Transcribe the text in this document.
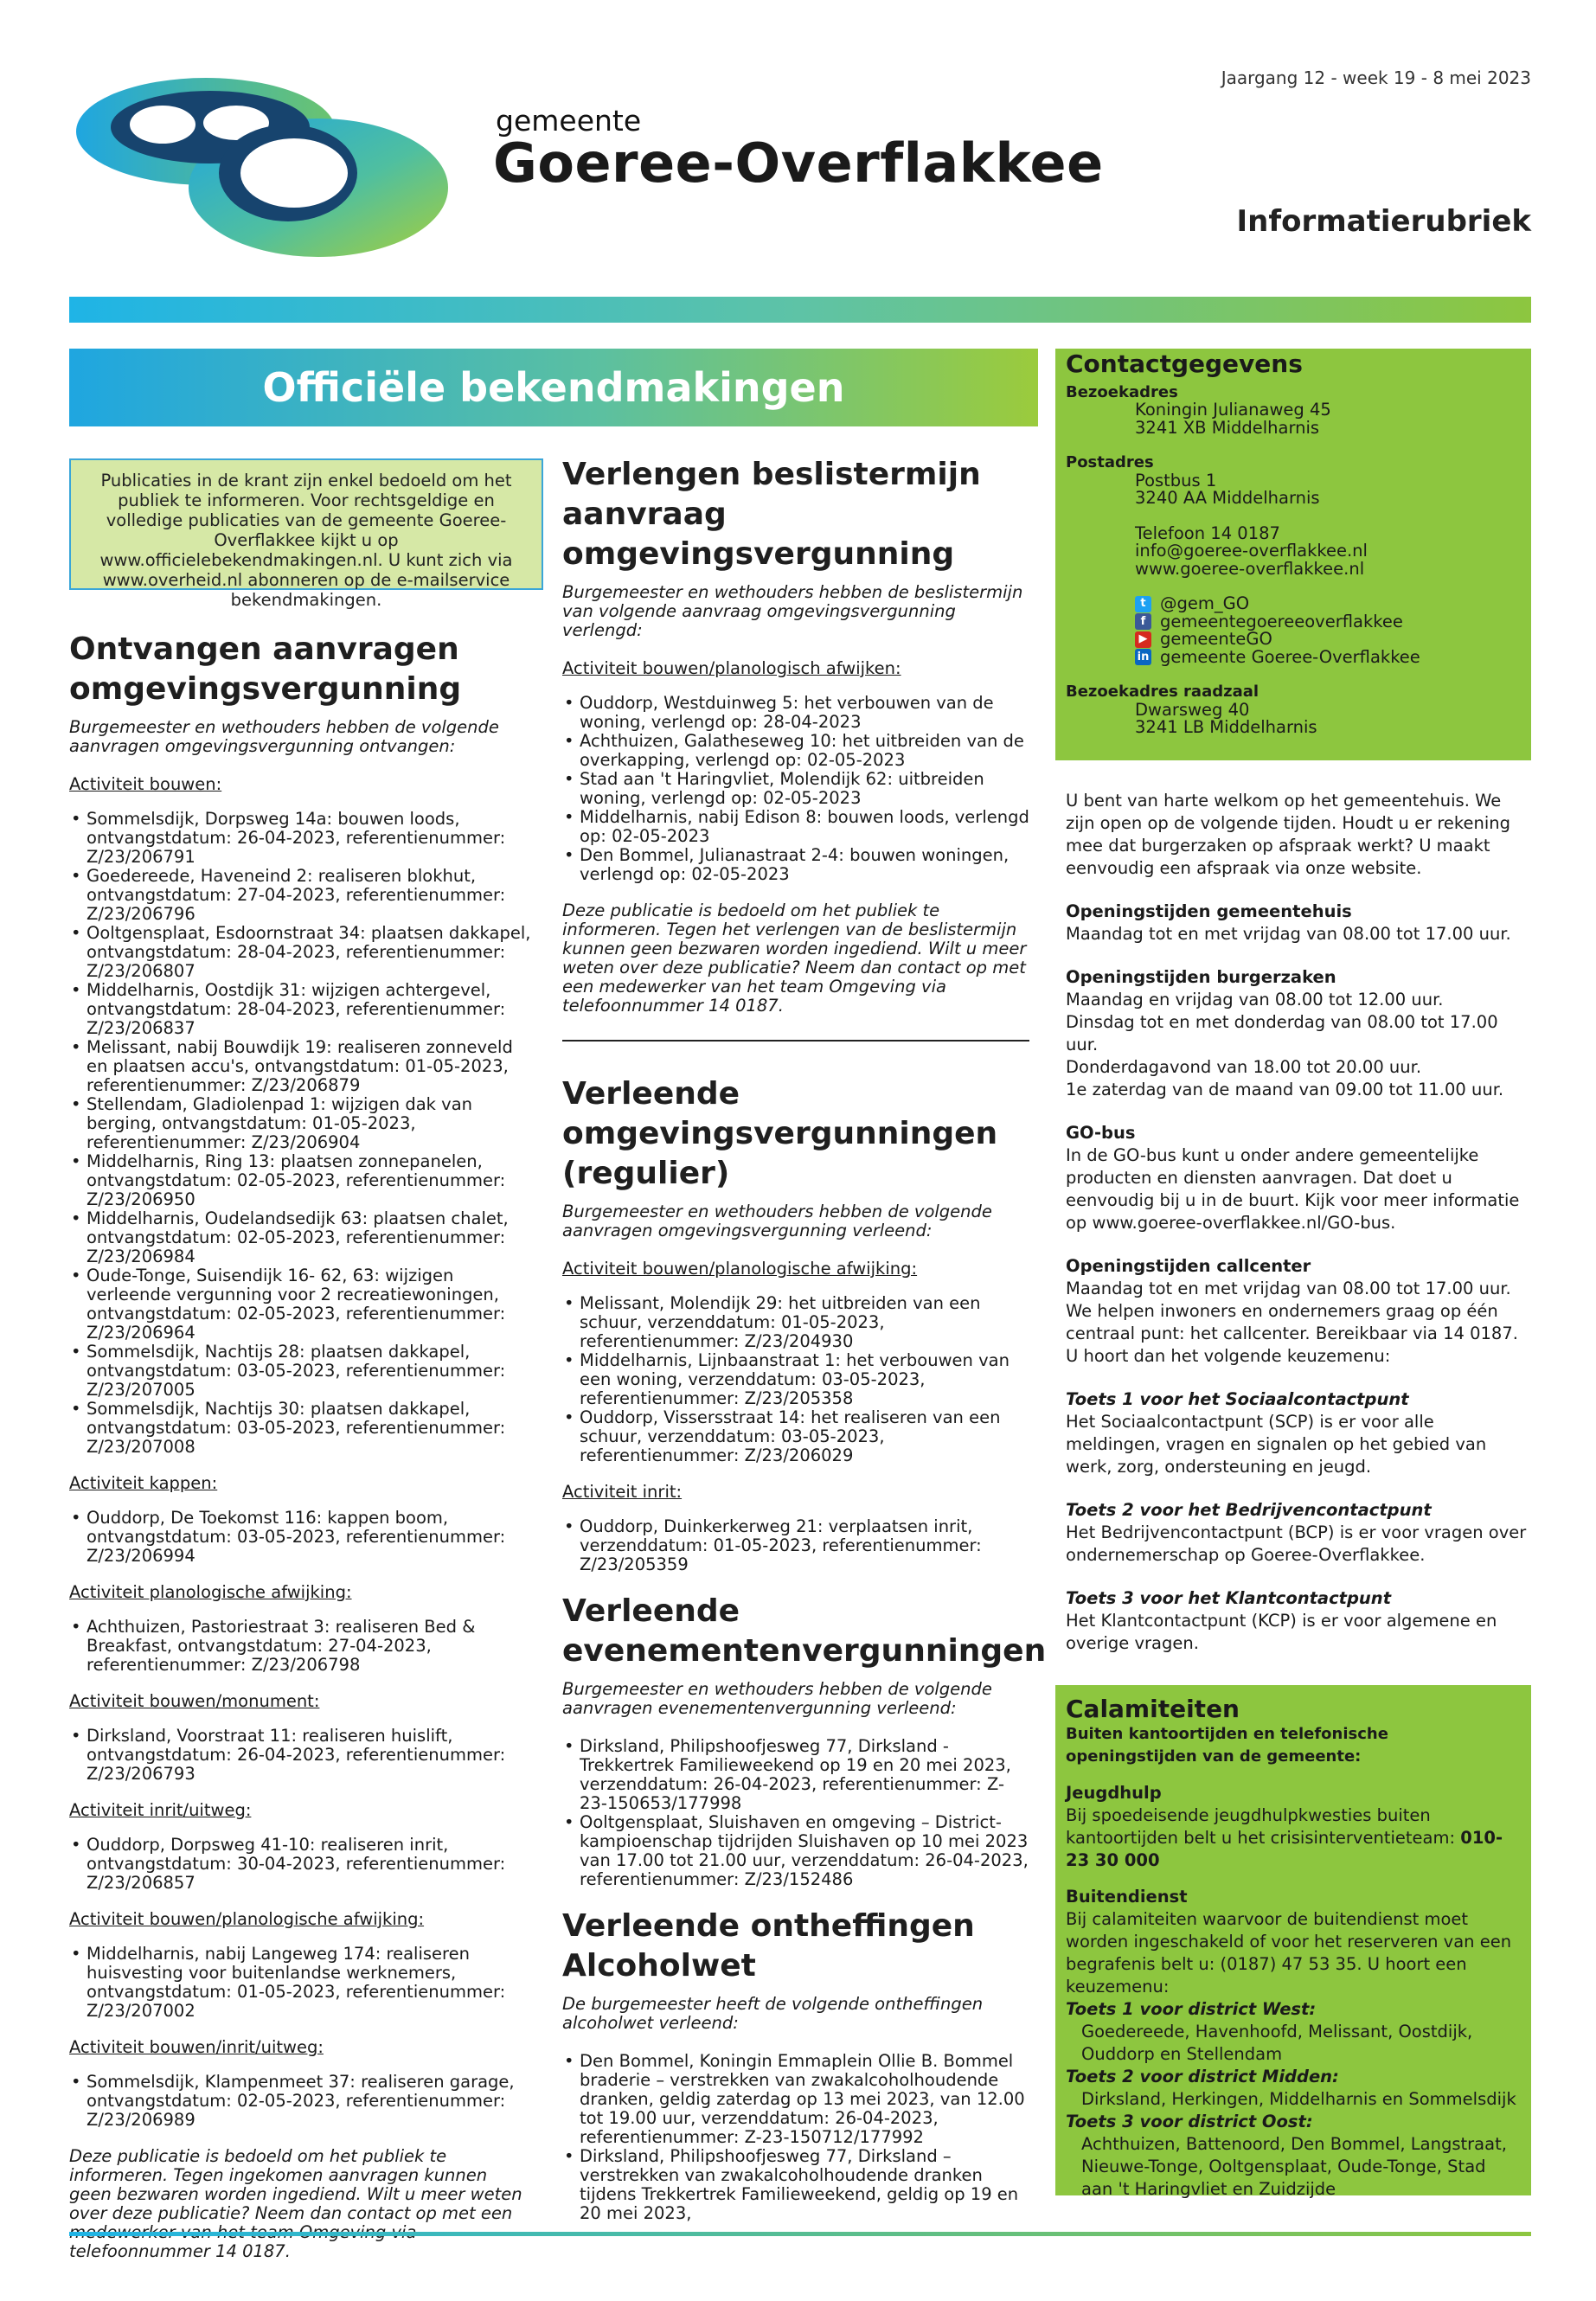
Jaargang 12 - week 19 - 8 mei 2023
gemeente
Goeree-Overflakkee
Informatierubriek
Officiële bekendmakingen
Publicaties in de krant zijn enkel bedoeld om het publiek te informeren. Voor rechtsgeldige en volledige publicaties van de gemeente Goeree-Overflakkee kijkt u op www.officielebekendmakingen.nl. U kunt zich via www.overheid.nl abonneren op de e-mailservice bekendmakingen.
Ontvangen aanvragen omgevingsvergunning

Burgemeester en wethouders hebben de volgende aanvragen omgevingsvergunning ontvangen:

Activiteit bouwen:

• Sommelsdijk, Dorpsweg 14a: bouwen loods, ontvangstdatum: 26-04-2023, referentienummer: Z/23/206791
• Goedereede, Haveneind 2: realiseren blokhut, ontvangstdatum: 27-04-2023, referentienummer: Z/23/206796
• Ooltgensplaat, Esdoornstraat 34: plaatsen dakkapel, ontvangstdatum: 28-04-2023, referentienummer: Z/23/206807
• Middelharnis, Oostdijk 31: wijzigen achtergevel, ontvangstdatum: 28-04-2023, referentienummer: Z/23/206837
• Melissant, nabij Bouwdijk 19: realiseren zonneveld en plaatsen accu's, ontvangstdatum: 01-05-2023, referentienummer: Z/23/206879
• Stellendam, Gladiolenpad 1: wijzigen dak van berging, ontvangstdatum: 01-05-2023, referentienummer: Z/23/206904
• Middelharnis, Ring 13: plaatsen zonnepanelen, ontvangstdatum: 02-05-2023, referentienummer: Z/23/206950
• Middelharnis, Oudelandsedijk 63: plaatsen chalet, ontvangstdatum: 02-05-2023, referentienummer: Z/23/206984
• Oude-Tonge, Suisendijk 16- 62, 63: wijzigen verleende vergunning voor 2 recreatiewoningen, ontvangstdatum: 02-05-2023, referentienummer: Z/23/206964
• Sommelsdijk, Nachtijs 28: plaatsen dakkapel, ontvangstdatum: 03-05-2023, referentienummer: Z/23/207005
• Sommelsdijk, Nachtijs 30: plaatsen dakkapel, ontvangstdatum: 03-05-2023, referentienummer: Z/23/207008

Activiteit kappen:

• Ouddorp, De Toekomst 116: kappen boom, ontvangstdatum: 03-05-2023, referentienummer: Z/23/206994

Activiteit planologische afwijking:

• Achthuizen, Pastoriestraat 3: realiseren Bed & Breakfast, ontvangstdatum: 27-04-2023, referentienummer: Z/23/206798

Activiteit bouwen/monument:

• Dirksland, Voorstraat 11: realiseren huislift, ontvangstdatum: 26-04-2023, referentienummer: Z/23/206793

Activiteit inrit/uitweg:

• Ouddorp, Dorpsweg 41-10: realiseren inrit, ontvangstdatum: 30-04-2023, referentienummer: Z/23/206857

Activiteit bouwen/planologische afwijking:

• Middelharnis, nabij Langeweg 174: realiseren huisvesting voor buitenlandse werknemers, ontvangstdatum: 01-05-2023, referentienummer: Z/23/207002

Activiteit bouwen/inrit/uitweg:

• Sommelsdijk, Klampenmeet 37: realiseren garage, ontvangstdatum: 02-05-2023, referentienummer: Z/23/206989

Deze publicatie is bedoeld om het publiek te informeren. Tegen ingekomen aanvragen kunnen geen bezwaren worden ingediend. Wilt u meer weten over deze publicatie? Neem dan contact op met een telefoonnummer 14 0187.

Verlengen beslistermijn aanvraag omgevingsvergunning

Burgemeester en wethouders hebben de beslistermijn van volgende aanvraag omgevingsvergunning verlengd:

Activiteit bouwen/planologisch afwijken:

• Ouddorp, Westduinweg 5: het verbouwen van de woning, verlengd op: 28-04-2023
• Achthuizen, Galatheseweg 10: het uitbreiden van de overkapping, verlengd op: 02-05-2023
• Stad aan 't Haringvliet, Molendijk 62: uitbreiden woning, verlengd op: 02-05-2023
• Middelharnis, nabij Edison 8: bouwen loods, verlengd op: 02-05-2023
• Den Bommel, Julianastraat 2-4: bouwen woningen, verlengd op: 02-05-2023

Deze publicatie is bedoeld om het publiek te informeren. Tegen het verlengen van de beslistermijn kunnen geen bezwaren worden ingediend. Wilt u meer weten over deze publicatie? Neem dan contact op met een medewerker van het team Omgeving via telefoonnummer 14 0187.

Verleende omgevingsvergunningen (regulier)

Burgemeester en wethouders hebben de volgende aanvragen omgevingsvergunning verleend:

Activiteit bouwen/planologische afwijking:

• Melissant, Molendijk 29: het uitbreiden van een schuur, verzenddatum: 01-05-2023, referentienummer: Z/23/204930
• Middelharnis, Lijnbaanstraat 1: het verbouwen van een woning, verzenddatum: 03-05-2023, referentienummer: Z/23/205358
• Ouddorp, Vissersstraat 14: het realiseren van een schuur, verzenddatum: 03-05-2023, referentienummer: Z/23/206029

Activiteit inrit:

• Ouddorp, Duinkerkerweg 21: verplaatsen inrit, verzenddatum: 01-05-2023, referentienummer: Z/23/205359
Verleende evenementenvergunningen

Burgemeester en wethouders hebben de volgende aanvragen evenementenvergunning verleend:

• Dirksland, Philipshoofjesweg 77, Dirksland - Trekkertrek Familieweekend op 19 en 20 mei 2023, verzenddatum: 26-04-2023, referentienummer: Z-23-150653/177998
• Ooltgensplaat, Sluishaven en omgeving – District-kampioenschap tijdrijden Sluishaven op 10 mei 2023 van 17.00 tot 21.00 uur, verzenddatum: 26-04-2023, referentienummer: Z/23/152486
Verleende ontheffingen Alcoholwet

De burgemeester heeft de volgende ontheffingen alcoholwet verleend:

• Den Bommel, Koningin Emmaplein Ollie B. Bommel braderie – verstrekken van zwakalcoholhoudende dranken, geldig zaterdag op 13 mei 2023, van 12.00 tot 19.00 uur, verzenddatum: 26-04-2023, referentienummer: Z-23-150712/177992
• Dirksland, Philipshoofjesweg 77, Dirksland – verstrekken van zwakalcoholhoudende dranken tijdens Trekkertrek Familieweekend, geldig op 19 en 20 mei 2023,
Contactgegevens
Bezoekadres
Koningin Julianaweg 45
3241 XB Middelharnis
Postadres
Postbus 1
3240 AA Middelharnis
Telefoon 14 0187
info@goeree-overflakkee.nl
www.goeree-overflakkee.nl
t @gem_GO
f gemeentegoereeoverflakkee
▶ gemeenteGO
in gemeente Goeree-Overflakkee
Bezoekadres raadzaal
Dwarsweg 40
3241 LB Middelharnis

U bent van harte welkom op het gemeentehuis. We zijn open op de volgende tijden. Houdt u er rekening mee dat burgerzaken op afspraak werkt? U maakt eenvoudig een afspraak via onze website.

Openingstijden gemeentehuis
Maandag tot en met vrijdag van 08.00 tot 17.00 uur.

Openingstijden burgerzaken
Maandag en vrijdag van 08.00 tot 12.00 uur.
Dinsdag tot en met donderdag van 08.00 tot 17.00 uur.
Donderdagavond van 18.00 tot 20.00 uur.
1e zaterdag van de maand van 09.00 tot 11.00 uur.

GO-bus
In de GO-bus kunt u onder andere gemeentelijke producten en diensten aanvragen. Dat doet u eenvoudig bij u in de buurt. Kijk voor meer informatie op www.goeree-overflakkee.nl/GO-bus.

Openingstijden callcenter
Maandag tot en met vrijdag van 08.00 tot 17.00 uur. We helpen inwoners en ondernemers graag op één centraal punt: het callcenter. Bereikbaar via 14 0187. U hoort dan het volgende keuzemenu:

Toets 1 voor het Sociaalcontactpunt
Het Sociaalcontactpunt (SCP) is er voor alle meldingen, vragen en signalen op het gebied van werk, zorg, ondersteuning en jeugd.

Toets 2 voor het Bedrijvencontactpunt
Het Bedrijvencontactpunt (BCP) is er voor vragen over ondernemerschap op Goeree-Overflakkee.

Toets 3 voor het Klantcontactpunt
Het Klantcontactpunt (KCP) is er voor algemene en overige vragen.

Calamiteiten

Buiten kantoortijden en telefonische openingstijden van de gemeente:

Jeugdhulp
Bij spoedeisende jeugdhulpkwesties buiten kantoortijden belt u het crisisinterventieteam: 010-23 30 000

Buitendienst
Bij calamiteiten waarvoor de buitendienst moet worden ingeschakeld of voor het reserveren van een begrafenis belt u: (0187) 47 53 35. U hoort een keuzemenu:
Toets 1 voor district West:

Goedereede, Havenhoofd, Melissant, Oostdijk, Ouddorp en Stellendam
Toets 2 voor district Midden:

Dirksland, Herkingen, Middelharnis en Sommelsdijk
Toets 3 voor district Oost:

Achthuizen, Battenoord, Den Bommel, Langstraat, Nieuwe-Tonge, Ooltgensplaat, Oude-Tonge, Stad aan 't Haringvliet en Zuidzijde
